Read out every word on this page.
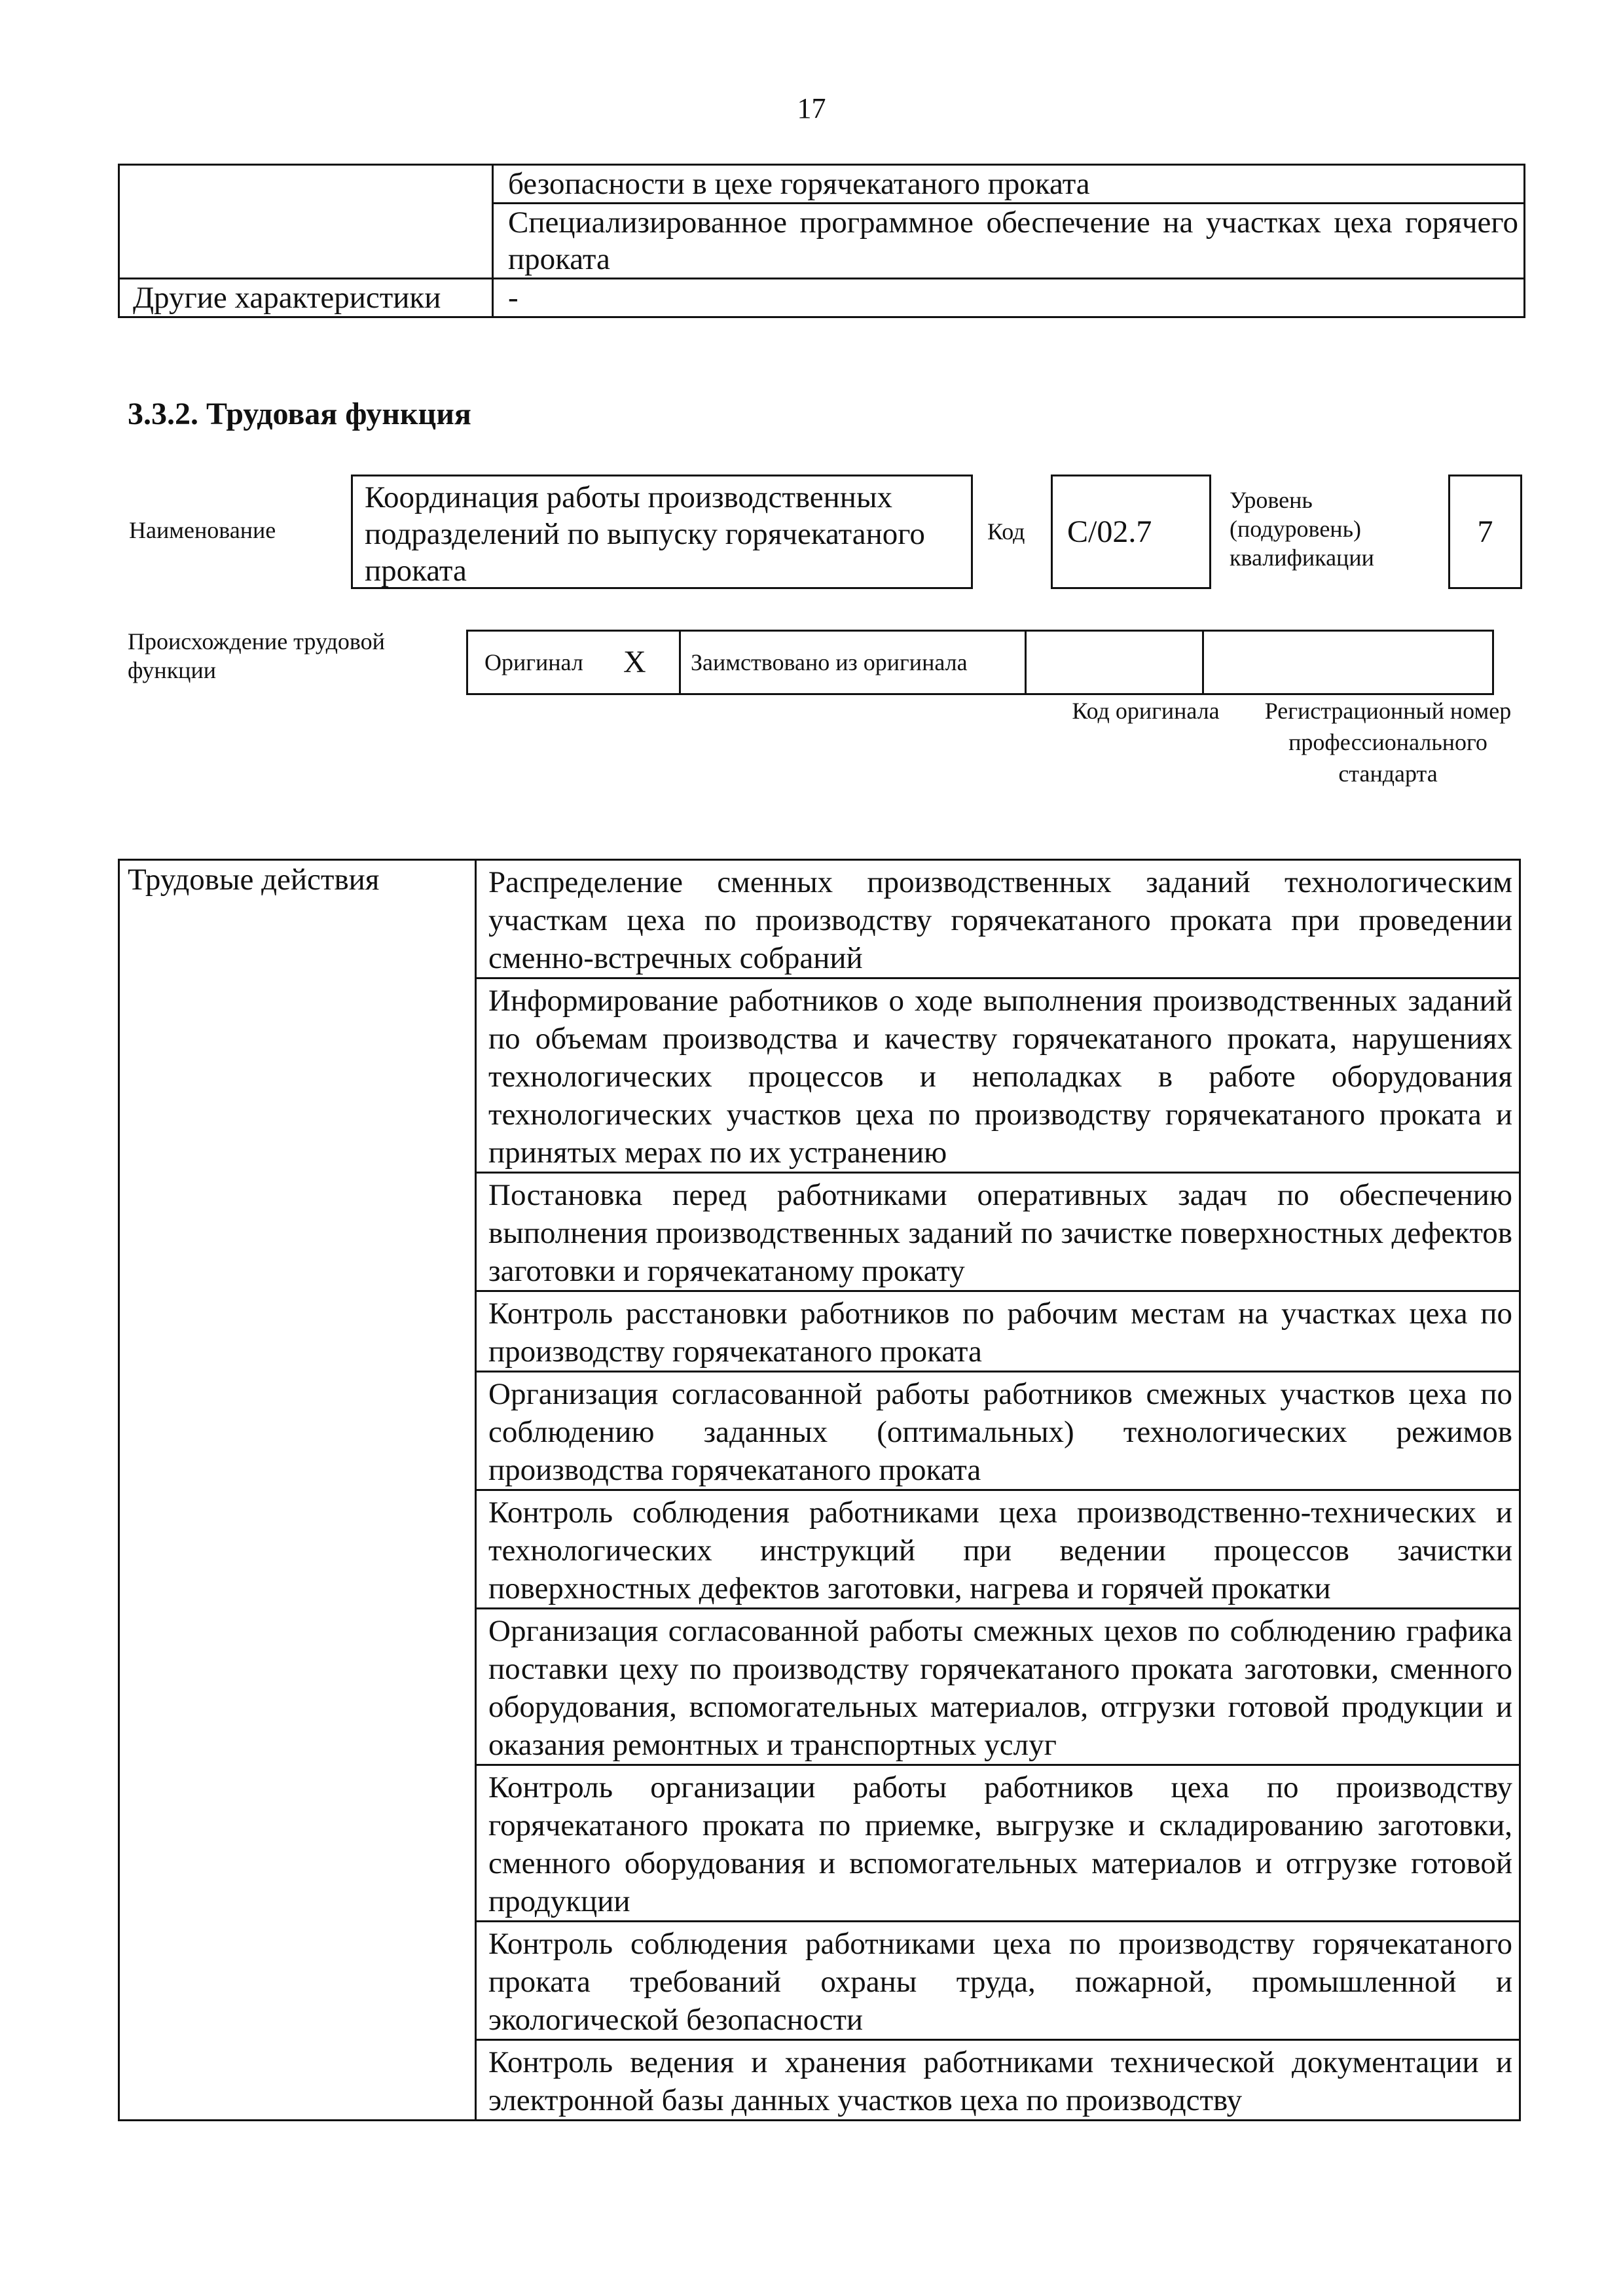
17
	безопасности в цехе горячекатаного проката
	Специализированное программное обеспечение на участках цеха горячего проката
Другие характеристики	-
3.3.2. Трудовая функция
Наименование
Координация работы производственных подразделений по выпуску горячекатаного проката
Код	C/02.7
Уровень (подуровень) квалификации
7
Происхождение трудовой функции	Оригинал	X	Заимствовано из оригинала		
Код оригинала	Регистрационный номер профессионального стандарта
Трудовые действия	Распределение сменных производственных заданий технологическим участкам цеха по производству горячекатаного проката при проведении сменно-встречных собраний
Информирование работников о ходе выполнения производственных заданий по объемам производства и качеству горячекатаного проката, нарушениях технологических процессов и неполадках в работе оборудования технологических участков цеха по производству горячекатаного проката и принятых мерах по их устранению
Постановка перед работниками оперативных задач по обеспечению выполнения производственных заданий по зачистке поверхностных дефектов заготовки и горячекатаному прокату
Контроль расстановки работников по рабочим местам на участках цеха по производству горячекатаного проката
Организация согласованной работы работников смежных участков цеха по соблюдению заданных (оптимальных) технологических режимов производства горячекатаного проката
Контроль соблюдения работниками цеха производственно-технических и технологических инструкций при ведении процессов зачистки поверхностных дефектов заготовки, нагрева и горячей прокатки
Организация согласованной работы смежных цехов по соблюдению графика поставки цеху по производству горячекатаного проката заготовки, сменного оборудования, вспомогательных материалов, отгрузки готовой продукции и оказания ремонтных и транспортных услуг
Контроль организации работы работников цеха по производству горячекатаного проката по приемке, выгрузке и складированию заготовки, сменного оборудования и вспомогательных материалов и отгрузке готовой продукции
Контроль соблюдения работниками цеха по производству горячекатаного проката требований охраны труда, пожарной, промышленной и экологической безопасности
Контроль ведения и хранения работниками технической документации и электронной базы данных участков цеха по производству
